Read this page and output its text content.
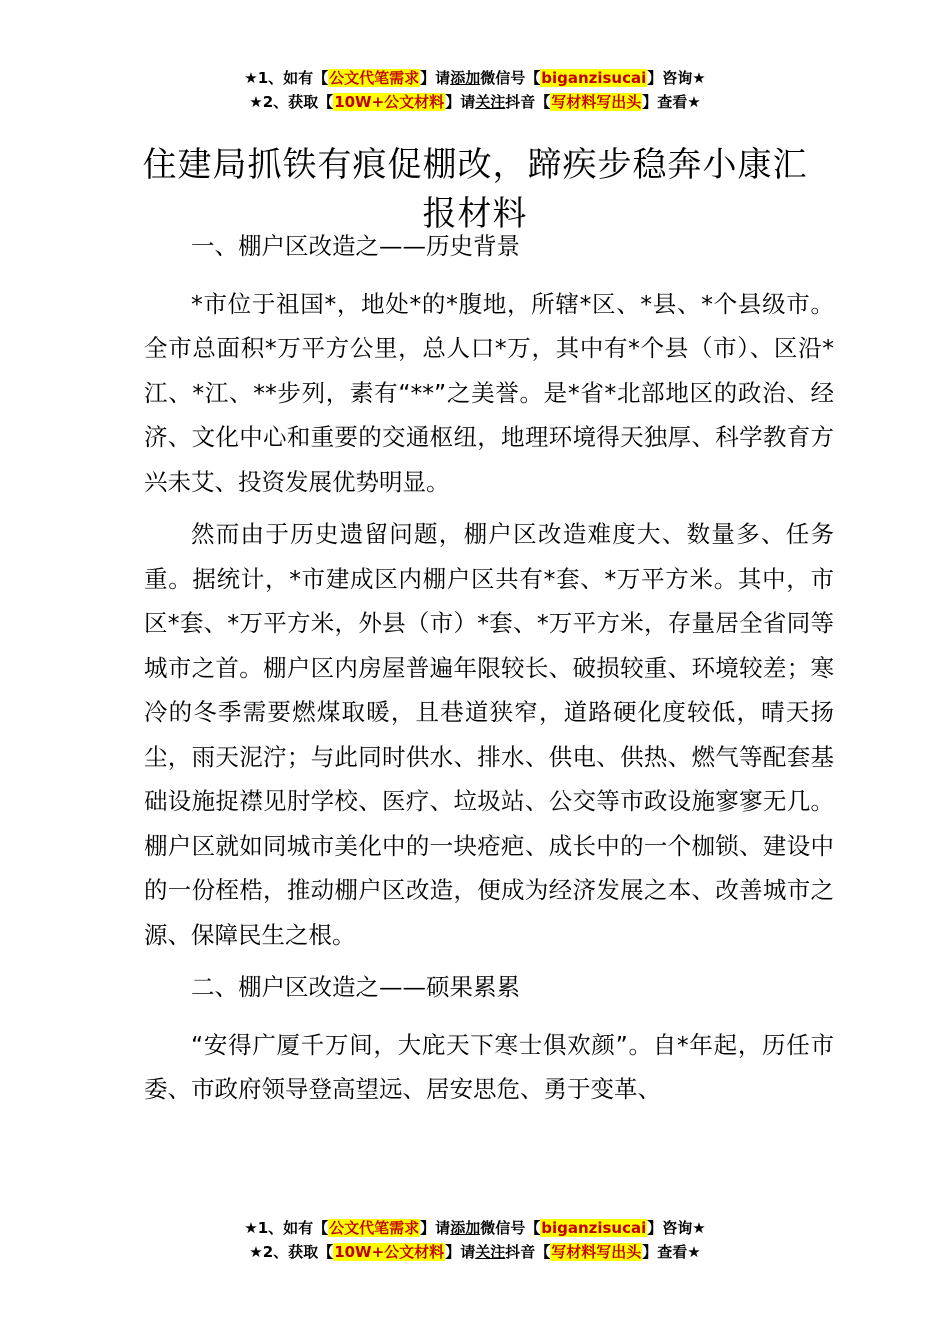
★1、如有【公文代笔需求】请添加微信号【biganzisucai】咨询★
★2、获取【10W+公文材料】请关注抖音【写材料写出头】查看★
住建局抓铁有痕促棚改，蹄疾步稳奔小康汇报材料

一、棚户区改造之——历史背景

*市位于祖国*，地处*的*腹地，所辖*区、*县、*个县级市。全市总面积*万平方公里，总人口*万，其中有*个县（市）、区沿*江、*江、**步列，素有“**”之美誉。是*省*北部地区的政治、经济、文化中心和重要的交通枢纽，地理环境得天独厚、科学教育方兴未艾、投资发展优势明显。

然而由于历史遗留问题，棚户区改造难度大、数量多、任务重。据统计，*市建成区内棚户区共有*套、*万平方米。其中，市区*套、*万平方米，外县（市）*套、*万平方米，存量居全省同等城市之首。棚户区内房屋普遍年限较长、破损较重、环境较差；寒冷的冬季需要燃煤取暖，且巷道狭窄，道路硬化度较低，晴天扬尘，雨天泥泞；与此同时供水、排水、供电、供热、燃气等配套基础设施捉襟见肘学校、医疗、垃圾站、公交等市政设施寥寥无几。棚户区就如同城市美化中的一块疮疤、成长中的一个枷锁、建设中的一份桎梏，推动棚户区改造，便成为经济发展之本、改善城市之源、保障民生之根。

二、棚户区改造之——硕果累累

“安得广厦千万间，大庇天下寒士俱欢颜”。自*年起，历任市委、市政府领导登高望远、居安思危、勇于变革、

★1、如有【公文代笔需求】请添加微信号【biganzisucai】咨询★
★2、获取【10W+公文材料】请关注抖音【写材料写出头】查看★
